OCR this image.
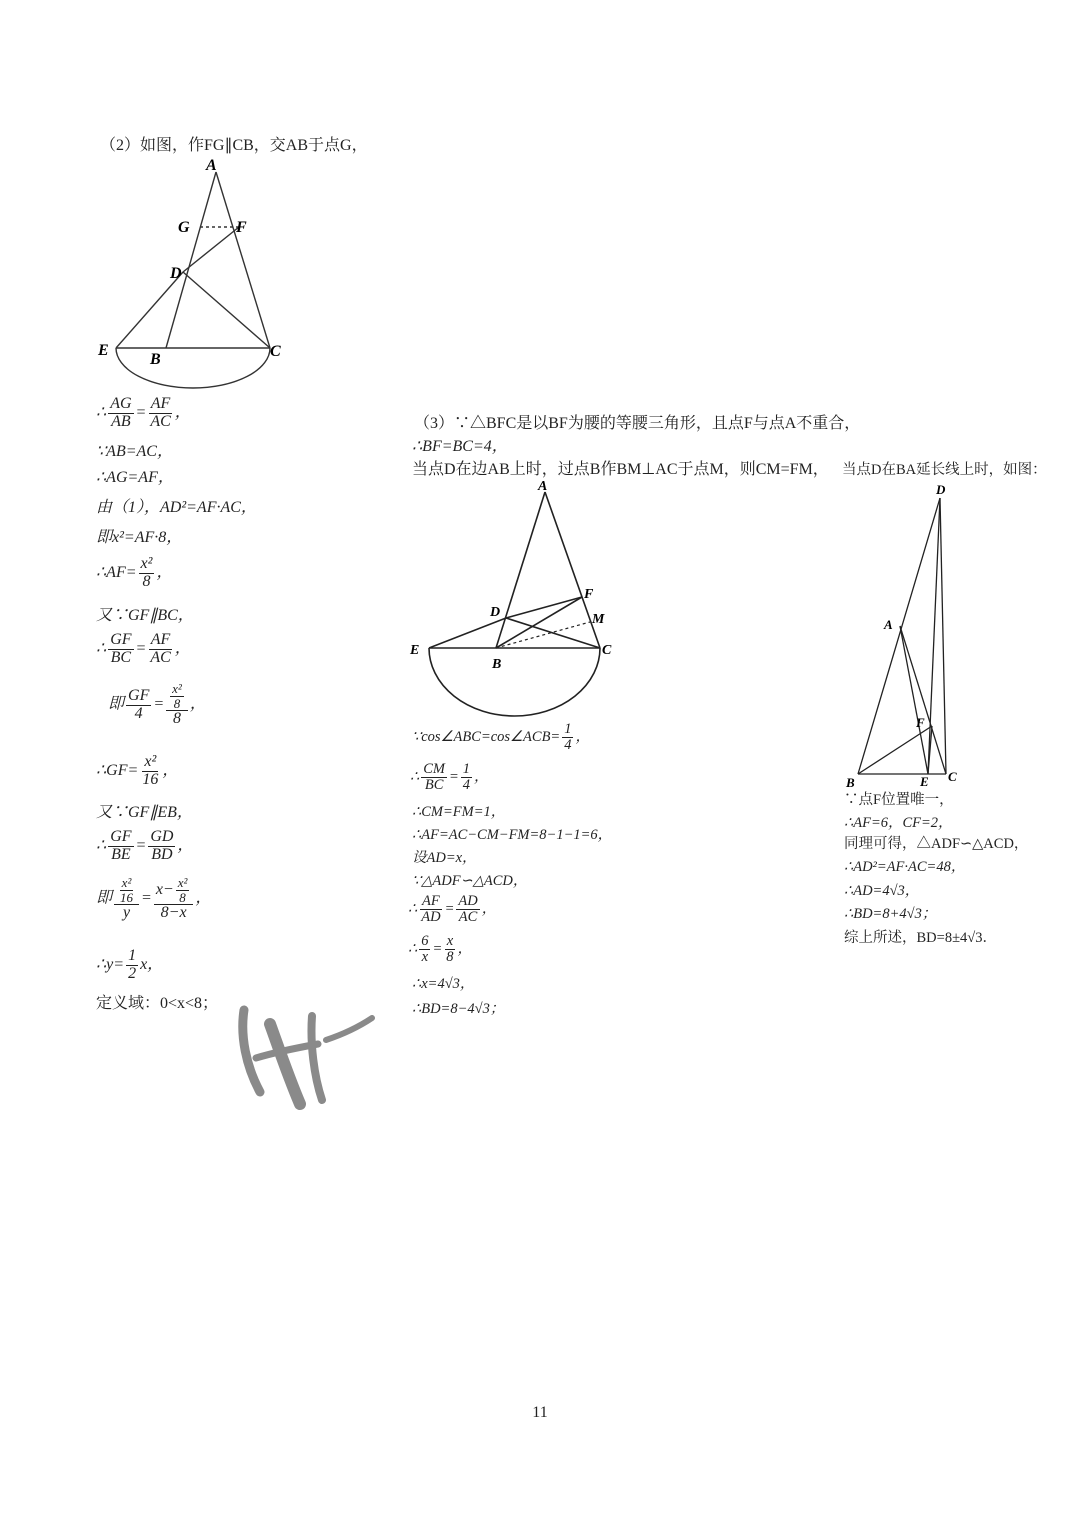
（2）如图，作FG∥CB，交AB于点G，
A
G	F
D
E
B	C
∴ $\frac{AG}{AB} = \frac{AF}{AC}$ ，
∵AB=AC，
∴AG=AF，
由（1），AD²=AF·AC，
即x²=AF·8，
∴AF= $\frac{\text{x²}}{8}$ ，
又∵GF∥BC，
∴ $\frac{GF}{BC} = \frac{AF}{AC}$ ，
即 $\frac{GF}{4} = \frac{\frac{\text{x²}}{8}}{8}$ ，
∴GF= $\frac{\text{x²}}{16}$ ，
又∵GF∥EB，
∴ $\frac{GF}{BE} = \frac{GD}{BD}$ ，
即 $\frac{\frac{\text{x²}}{16}}{y} = \frac{x- \frac{\text{x²}}{8}}{8-x}$ ，
∴y= $\frac{1}{2}$ x，
定义域：0<x<8；
（3）∵△BFC是以BF为腰的等腰三角形，且点F与点A不重合，
∴BF=BC=4，
当点D在边AB上时，过点B作BM⊥AC于点M，则CM=FM，
A
D
F
M
E
B
C
∵cos∠ABC=cos∠ACB= $\frac{1}{4}$ ，
∴ $\frac{CM}{BC} = \frac{1}{4}$ ，
∴CM=FM=1，
∴AF=AC−CM−FM=8−1−1=6，
设AD=x，
∵△ADF∽△ACD，
∴ $\frac{AF}{AD} = \frac{AD}{AC}$ ，
∴ $\frac{6}{x} = \frac{x}{8}$ ，
∴x=4√3，
∴BD=8−4√3；
当点D在BA延长线上时，如图：
D
A
F
B	E C
∵点F位置唯一，
∴AF=6，CF=2，
同理可得，△ADF∽△ACD，
∴AD²=AF·AC=48，
∴AD=4√3，
∴BD=8+4√3；
综上所述，BD=8±4√3．
11
